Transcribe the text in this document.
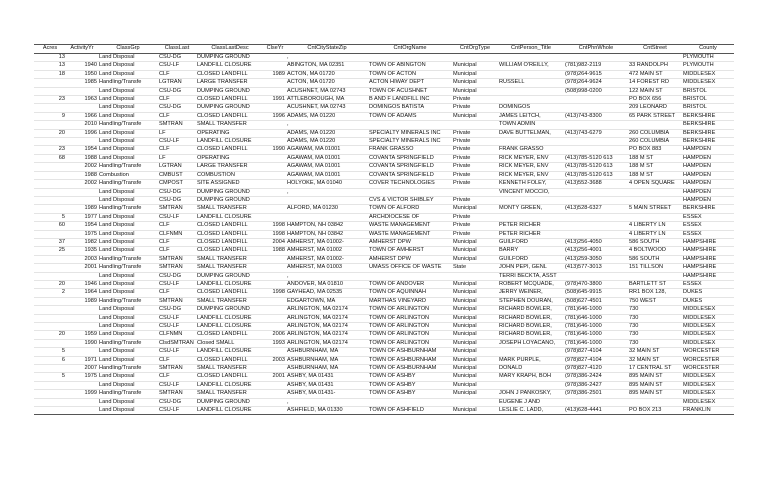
Acres	ActivityYr	ClassGrp	ClassLast	ClassLastDesc	ClseYr	CntCityStateZip	CntOrgName	CntOrgType	CntPerson_Title	CntPhnWhole	CntStreet	County
13		Land Disposal	CSU-DG	DUMPING GROUND		,						PLYMOUTH
13	1940	Land Disposal	CSU-LF	LANDFILL CLOSURE		ABINGTON, MA 02351	TOWN OF ABINGTON	Municipal	WILLIAM O'REILLY,	(781)982-2119	33 RANDOLPH	PLYMOUTH
18	1950	Land Disposal	CLF	CLOSED LANDFILL	1989	ACTON, MA 01720	TOWN OF ACTON	Municipal		(978)264-9615	472 MAIN ST	MIDDLESEX
	1985	Handling/Transfe	LGTRAN	LARGE TRANSFER		ACTON, MA 01720	ACTON HIWAY DEPT	Municipal	RUSSELL	(978)264-9624	14 FOREST RD	MIDDLESEX
		Land Disposal	CSU-DG	DUMPING GROUND		ACUSHNET, MA 02743	TOWN OF ACUSHNET	Municipal		(508)998-0200	122 MAIN ST	BRISTOL
23	1963	Land Disposal	CLF	CLOSED LANDFILL	1991	ATTLEBOROUGH, MA	B AND F LANDFILL INC	Private			PO BOX 656	BRISTOL
		Land Disposal	CSU-DG	DUMPING GROUND		ACUSHNET, MA 02743	DOMINGOS BATISTA	Private	DOMINGOS		209 LEONARD	BRISTOL
9	1966	Land Disposal	CLF	CLOSED LANDFILL	1996	ADAMS, MA 01220	TOWN OF ADAMS	Municipal	JAMES LEITCH,	(413)743-8300	65 PARK STREET	BERKSHIRE
	2010	Handling/Transfe	SMTRAN	SMALL TRANSFER		,			TOWN ADMIN			BERKSHIRE
20	1996	Land Disposal	LF	OPERATING		ADAMS, MA 01220	SPECIALTY MINERALS INC	Private	DAVE BUTTELMAN,	(413)743-6279	260 COLUMBIA	BERKSHIRE
		Land Disposal	CSU-LF	LANDFILL CLOSURE		ADAMS, MA 01220	SPECIALTY MINERALS INC	Private			260 COLUMBIA	BERKSHIRE
23	1954	Land Disposal	CLF	CLOSED LANDFILL	1990	AGAWAM, MA 01001	FRANK GRASSO	Private	FRANK GRASSO		PO BOX 883	HAMPDEN
68	1988	Land Disposal	LF	OPERATING		AGAWAM, MA 01001	COVANTA SPRINGFIELD	Private	RICK MEYER, ENV	(413)785-5120 613	188 M ST	HAMPDEN
	2002	Handling/Transfe	LGTRAN	LARGE TRANSFER		AGAWAM, MA 01001	COVANTA SPRINGFIELD	Private	RICK MEYER, ENV	(413)785-5120 613	188 M ST	HAMPDEN
	1988	Combustion	CMBUST	COMBUSTION		AGAWAM, MA 01001	COVANTA SPRINGFIELD	Private	RICK MEYER, ENV	(413)785-5120 613	188 M ST	HAMPDEN
	2002	Handling/Transfe	CMPOST	SITE ASSIGNED		HOLYOKE, MA 01040	COVER TECHNOLOGIES	Private	KENNETH FOLEY,	(413)552-3688	4 OPEN SQUARE	HAMPDEN
		Land Disposal	CSU-DG	DUMPING GROUND		,			VINCENT MOCCIO,			HAMPDEN
		Land Disposal	CSU-DG	DUMPING GROUND			CVS & VICTOR SHIBLEY	Private				HAMPDEN
	1989	Handling/Transfe	SMTRAN	SMALL TRANSFER		ALFORD, MA 01230	TOWN OF ALFORD	Municipal	MONTY GREEN,	(413)528-6327	5 MAIN STREET	BERKSHIRE
5	1977	Land Disposal	CSU-LF	LANDFILL CLOSURE			ARCHDIOCESE OF	Private				ESSEX
60	1954	Land Disposal	CLF	CLOSED LANDFILL	1998	HAMPTON, NH 03842	WASTE MANAGEMENT	Private	PETER RICHER		4 LIBERTY LN	ESSEX
	1975	Land Disposal	CLFNMN	CLOSED LANDFILL	1998	HAMPTON, NH 03842	WASTE MANAGEMENT	Private	PETER RICHER		4 LIBERTY LN	ESSEX
37	1982	Land Disposal	CLF	CLOSED LANDFILL	2004	AMHERST, MA 01002-	AMHERST DPW	Municipal	GUILFORD	(413)256-4050	586 SOUTH	HAMPSHIRE
25	1935	Land Disposal	CLF	CLOSED LANDFILL	1988	AMHERST, MA 01002	TOWN OF AMHERST	Municipal	BARRY	(413)256-4001	4 BOLTWOOD	HAMPSHIRE
	2003	Handling/Transfe	SMTRAN	SMALL TRANSFER		AMHERST, MA 01002-	AMHERST DPW	Municipal	GUILFORD	(413)259-3050	586 SOUTH	HAMPSHIRE
	2001	Handling/Transfe	SMTRAN	SMALL TRANSFER		AMHERST, MA 01003	UMASS OFFICE OF WASTE	State	JOHN PEPI, GENL	(413)577-3013	151 TILLSON	HAMPSHIRE
		Land Disposal	CSU-DG	DUMPING GROUND		,			TERRI BECKTA, ASST			HAMPSHIRE
20	1946	Land Disposal	CSU-LF	LANDFILL CLOSURE		ANDOVER, MA 01810	TOWN OF ANDOVER	Municipal	ROBERT MCQUADE,	(978)470-3800	BARTLETT ST	ESSEX
2	1964	Land Disposal	CLF	CLOSED LANDFILL	1998	GAYHEAD, MA 02535	TOWN OF AQUINNAH	Municipal	JERRY WEINER,	(508)645-9915	RR1 BOX 128,	DUKES
	1989	Handling/Transfe	SMTRAN	SMALL TRANSFER		EDGARTOWN, MA	MARTHAS VINEYARD	Municipal	STEPHEN DOURAN,	(508)627-4501	750 WEST	DUKES
		Land Disposal	CSU-DG	DUMPING GROUND		ARLINGTON, MA 02174	TOWN OF ARLINGTON	Municipal	RICHARD BOWLER,	(781)646-1000	730	MIDDLESEX
		Land Disposal	CSU-LF	LANDFILL CLOSURE		ARLINGTON, MA 02174	TOWN OF ARLINGTON	Municipal	RICHARD BOWLER,	(781)646-1000	730	MIDDLESEX
		Land Disposal	CSU-LF	LANDFILL CLOSURE		ARLINGTON, MA 02174	TOWN OF ARLINGTON	Municipal	RICHARD BOWLER,	(781)646-1000	730	MIDDLESEX
20	1959	Land Disposal	CLFNMN	CLOSED LANDFILL	2006	ARLINGTON, MA 02174	TOWN OF ARLINGTON	Municipal	RICHARD BOWLER,	(781)646-1000	730	MIDDLESEX
	1990	Handling/Transfe	ClsdSMTRAN	Closed SMALL	1993	ARLINGTON, MA 02174	TOWN OF ARLINGTON	Municipal	JOSEPH LOYACANO,	(781)646-1000	730	MIDDLESEX
5		Land Disposal	CSU-LF	LANDFILL CLOSURE		ASHBURNHAM, MA	TOWN OF ASHBURNHAM	Municipal		(978)827-4104	32 MAIN ST	WORCESTER
6	1971	Land Disposal	CLF	CLOSED LANDFILL	2003	ASHBURNHAM, MA	TOWN OF ASHBURNHAM	Municipal	MARK PURPLE,	(978)827-4104	32 MAIN ST	WORCESTER
	2007	Handling/Transfe	SMTRAN	SMALL TRANSFER		ASHBURNHAM, MA	TOWN OF ASHBURNHAM	Municipal	DONALD	(978)827-4120	17 CENTRAL ST	WORCESTER
5	1975	Land Disposal	CLF	CLOSED LANDFILL	2001	ASHBY, MA 01431	TOWN OF ASHBY	Municipal	MARY KRAPH, BOH	(978)386-2424	895 MAIN ST	MIDDLESEX
		Land Disposal	CSU-LF	LANDFILL CLOSURE		ASHBY, MA 01431	TOWN OF ASHBY	Municipal		(978)386-2427	895 MAIN ST	MIDDLESEX
	1999	Handling/Transfe	SMTRAN	SMALL TRANSFER		ASHBY, MA 01431-	TOWN OF ASHBY	Municipal	JOHN J PANKOSKY,	(978)386-2501	895 MAIN ST	MIDDLESEX
		Land Disposal	CSU-DG	DUMPING GROUND		,			EUGENE J AND			MIDDLESEX
		Land Disposal	CSU-LF	LANDFILL CLOSURE		ASHFIELD, MA 01330	TOWN OF ASHFIELD	Municipal	LESLIE C. LADD,	(413)628-4441	PO BOX 213	FRANKLIN
